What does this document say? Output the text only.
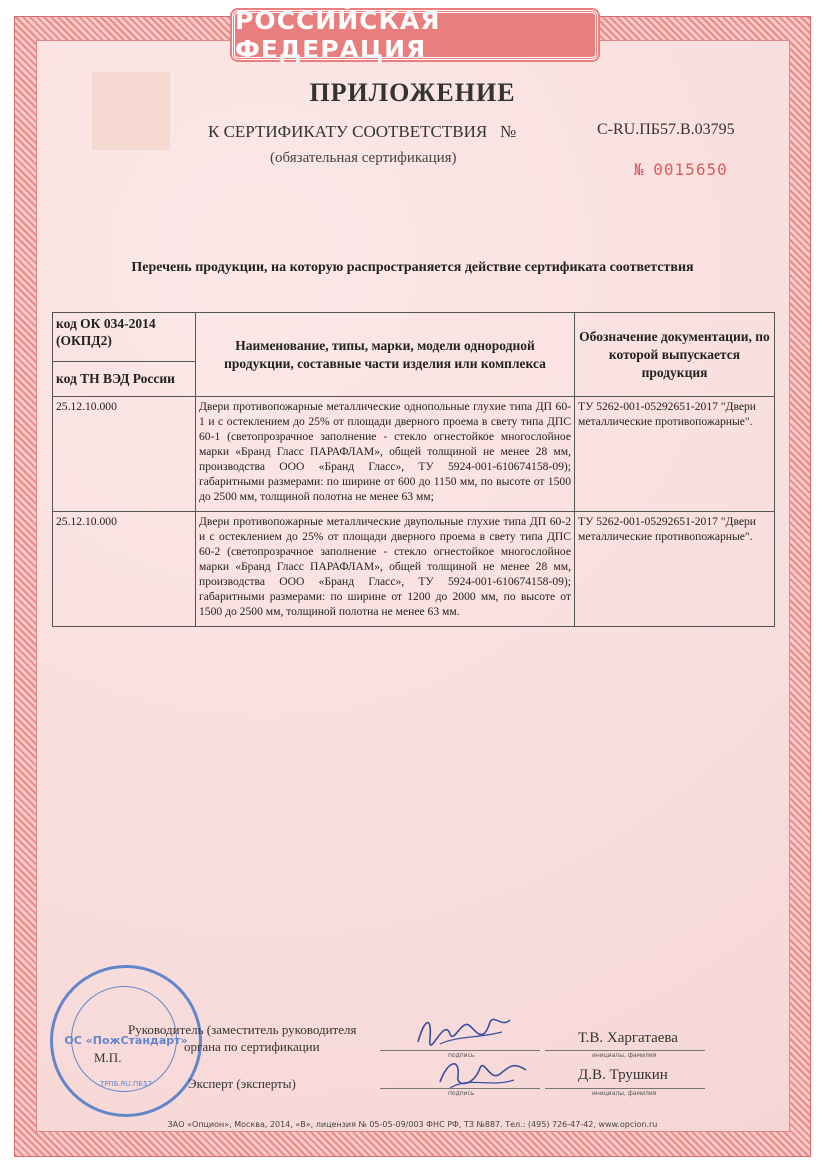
РОССИЙСКАЯ ФЕДЕРАЦИЯ
ПРИЛОЖЕНИЕ
К СЕРТИФИКАТУ СООТВЕТСТВИЯ №	C-RU.ПБ57.В.03795
(обязательная сертификация)
№ 0015650
Перечень продукции, на которую распространяется действие сертификата соответствия
код ОК 034-2014 (ОКПД2)
код ТН ВЭД России	Наименование, типы, марки, модели однородной продукции, составные части изделия или комплекса	Обозначение документации, по которой выпускается продукция
25.12.10.000	Двери противопожарные металлические однопольные глухие типа ДП 60-1 и с остеклением до 25% от площади дверного проема в свету типа ДПС 60-1 (светопрозрачное заполнение - стекло огнестойкое многослойное марки «Бранд Гласс ПАРАФЛАМ», общей толщиной не менее 28 мм, производства ООО «Бранд Гласс», ТУ 5924-001-610674158-09); габаритными размерами: по ширине от 600 до 1150 мм, по высоте от 1500 до 2500 мм, толщиной полотна не менее 63 мм;	ТУ 5262-001-05292651-2017 "Двери металлические противопожарные".
25.12.10.000	Двери противопожарные металлические двупольные глухие типа ДП 60-2 и с остеклением до 25% от площади дверного проема в свету типа ДПС 60-2 (светопрозрачное заполнение - стекло огнестойкое многослойное марки «Бранд Гласс ПАРАФЛАМ», общей толщиной не менее 28 мм, производства ООО «Бранд Гласс», ТУ 5924-001-610674158-09); габаритными размерами: по ширине от 1200 до 2000 мм, по высоте от 1500 до 2500 мм, толщиной полотна не менее 63 мм.	ТУ 5262-001-05292651-2017 "Двери металлические противопожарные".
ОС «ПожСтандарт»
ТРПБ.RU.ПБ57
Руководитель (заместитель руководителя
органа по сертификации
М.П.
Эксперт (эксперты)
подпись
подпись
Т.В. Харгатаева
инициалы, фамилия
Д.В. Трушкин
инициалы, фамилия
ЗАО «Опцион», Москва, 2014, «В», лицензия № 05-05-09/003 ФНС РФ, ТЗ №887. Тел.: (495) 726-47-42, www.opcion.ru
